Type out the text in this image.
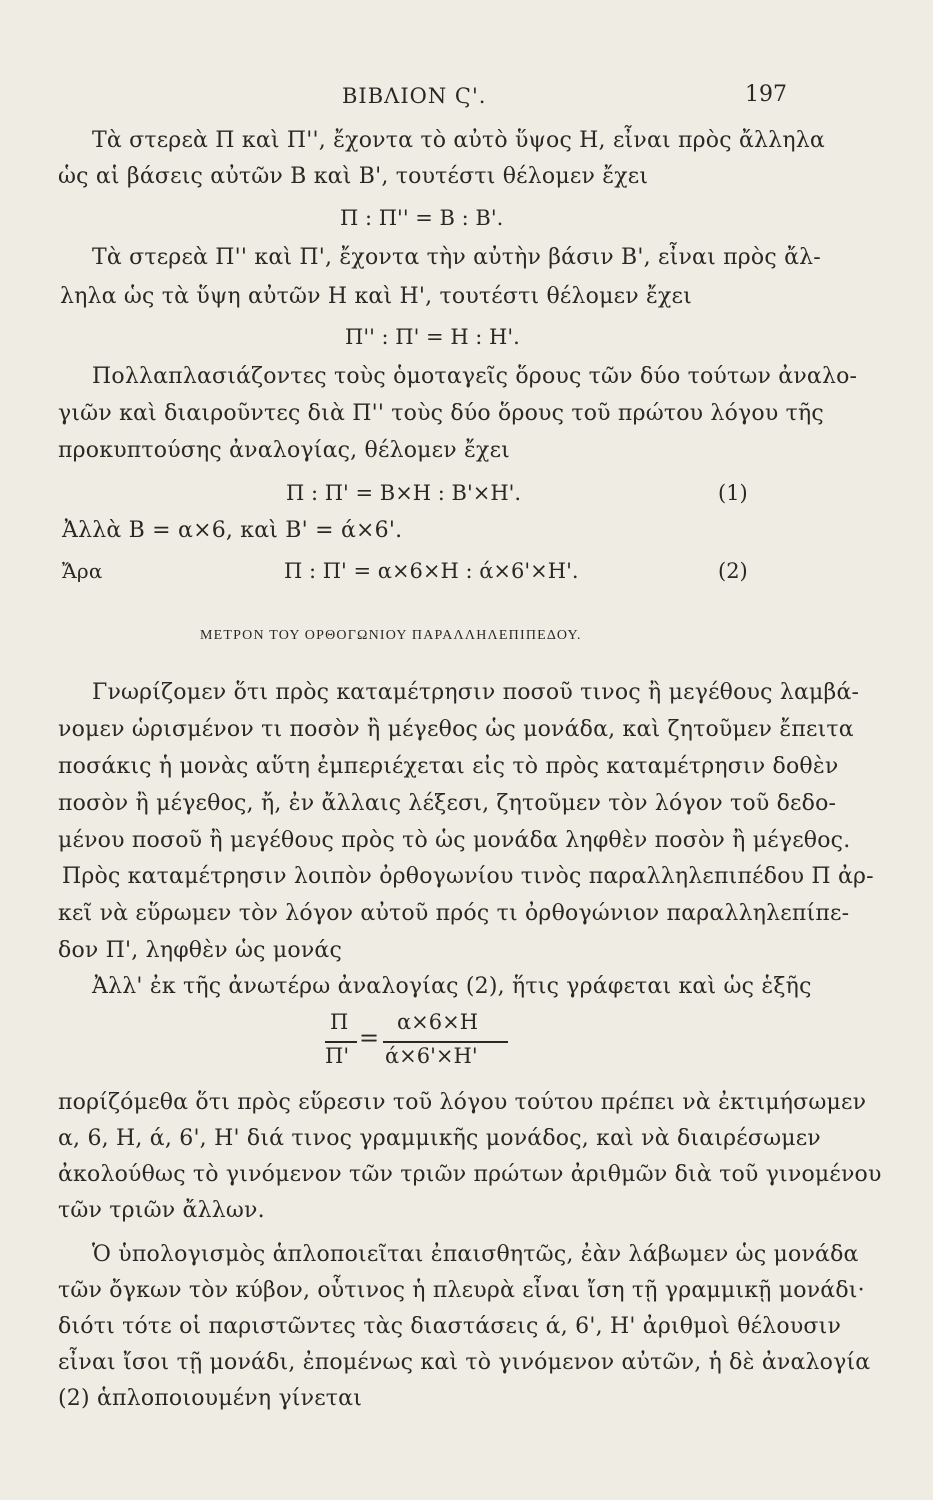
ΒΙΒΛΙΟΝ Ϛ'.	197
Τὰ στερεὰ Π καὶ Π'', ἔχοντα τὸ αὐτὸ ὕψος Η, εἶναι πρὸς ἄλληλα
ὡς αἱ βάσεις αὐτῶν Β καὶ Β', τουτέστι θέλομεν ἔχει
Π : Π'' = Β : Β'.
Τὰ στερεὰ Π'' καὶ Π', ἔχοντα τὴν αὐτὴν βάσιν Β', εἶναι πρὸς ἄλ-
ληλα ὡς τὰ ὕψη αὐτῶν Η καὶ Η', τουτέστι θέλομεν ἔχει
Π'' : Π' = Η : Η'.
Πολλαπλασιάζοντες τοὺς ὁμοταγεῖς ὅρους τῶν δύο τούτων ἀναλο-
γιῶν καὶ διαιροῦντες διὰ Π'' τοὺς δύο ὅρους τοῦ πρώτου λόγου τῆς
προκυπτούσης ἀναλογίας, θέλομεν ἔχει
Π : Π' = Β×Η : Β'×Η'.	(1)
Ἀλλὰ Β = α×6, καὶ Β' = ά×6'.
Ἄρα	Π : Π' = α×6×Η : ά×6'×Η'.	(2)
ΜΕΤΡΟΝ ΤΟΥ ΟΡΘΟΓΩΝΙΟΥ ΠΑΡΑΛΛΗΛΕΠΙΠΕΔΟΥ.
Γνωρίζομεν ὅτι πρὸς καταμέτρησιν ποσοῦ τινος ἢ μεγέθους λαμβά-
νομεν ὡρισμένον τι ποσὸν ἢ μέγεθος ὡς μονάδα, καὶ ζητοῦμεν ἔπειτα
ποσάκις ἡ μονὰς αὕτη ἐμπεριέχεται εἰς τὸ πρὸς καταμέτρησιν δοθὲν
ποσὸν ἢ μέγεθος, ἤ, ἐν ἄλλαις λέξεσι, ζητοῦμεν τὸν λόγον τοῦ δεδο-
μένου ποσοῦ ἢ μεγέθους πρὸς τὸ ὡς μονάδα ληφθὲν ποσὸν ἢ μέγεθος.
Πρὸς καταμέτρησιν λοιπὸν ὀρθογωνίου τινὸς παραλληλεπιπέδου Π ἀρ-
κεῖ νὰ εὕρωμεν τὸν λόγον αὐτοῦ πρός τι ὀρθογώνιον παραλληλεπίπε-
δον Π', ληφθὲν ὡς μονάς
Ἀλλ' ἐκ τῆς ἀνωτέρω ἀναλογίας (2), ἥτις γράφεται καὶ ὡς ἑξῆς
Π
Π'
=
α×6×Η
ά×6'×Η'
πορίζόμεθα ὅτι πρὸς εὕρεσιν τοῦ λόγου τούτου πρέπει νὰ ἐκτιμήσωμεν
α, 6, Η, ά, 6', Η' διά τινος γραμμικῆς μονάδος, καὶ νὰ διαιρέσωμεν
ἀκολούθως τὸ γινόμενον τῶν τριῶν πρώτων ἀριθμῶν διὰ τοῦ γινομένου
τῶν τριῶν ἄλλων.
Ὁ ὑπολογισμὸς ἁπλοποιεῖται ἐπαισθητῶς, ἐὰν λάβωμεν ὡς μονάδα
τῶν ὄγκων τὸν κύβον, οὗτινος ἡ πλευρὰ εἶναι ἴση τῇ γραμμικῇ μονάδι·
διότι τότε οἱ παριστῶντες τὰς διαστάσεις ά, 6', Η' ἀριθμοὶ θέλουσιν
εἶναι ἴσοι τῇ μονάδι, ἐπομένως καὶ τὸ γινόμενον αὐτῶν, ἡ δὲ ἀναλογία
(2) ἁπλοποιουμένη γίνεται
